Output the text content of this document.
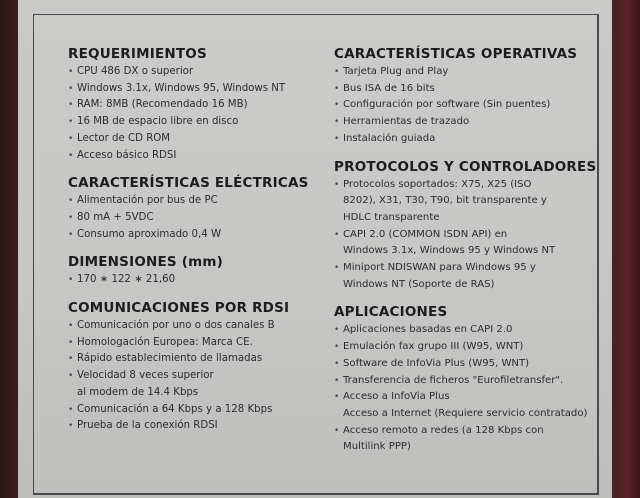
REQUERIMIENTOS
• CPU 486 DX o superior
• Windows 3.1x, Windows 95, Windows NT
• RAM: 8MB (Recomendado 16 MB)
• 16 MB de espacio libre en disco
• Lector de CD ROM
• Acceso básico RDSI
CARACTERÍSTICAS ELÉCTRICAS
• Alimentación por bus de PC
• 80 mA + 5VDC
• Consumo aproximado 0,4 W
DIMENSIONES (mm)
• 170 ∗ 122 ∗ 21,60
COMUNICACIONES POR RDSI
• Comunicación por uno o dos canales B
• Homologación Europea: Marca CE.
• Rápido establecimiento de llamadas
• Velocidad 8 veces superior
al modem de 14.4 Kbps
• Comunicación a 64 Kbps y a 128 Kbps
• Prueba de la conexión RDSI
CARACTERÍSTICAS OPERATIVAS
• Tarjeta Plug and Play
• Bus ISA de 16 bits
• Configuración por software (Sin puentes)
• Herramientas de trazado
• Instalación guiada
PROTOCOLOS Y CONTROLADORES
• Protocolos soportados: X75, X25 (ISO
8202), X31, T30, T90, bit transparente y
HDLC transparente
• CAPI 2.0 (COMMON ISDN API) en
Windows 3.1x, Windows 95 y Windows NT
• Miniport NDISWAN para Windows 95 y
Windows NT (Soporte de RAS)
APLICACIONES
• Aplicaciones basadas en CAPI 2.0
• Emulación fax grupo III (W95, WNT)
• Software de InfoVia Plus (W95, WNT)
• Transferencia de ficheros "Eurofiletransfer".
• Acceso a InfoVia Plus
Acceso a Internet (Requiere servicio contratado)
• Acceso remoto a redes (a 128 Kbps con
Multilink PPP)
